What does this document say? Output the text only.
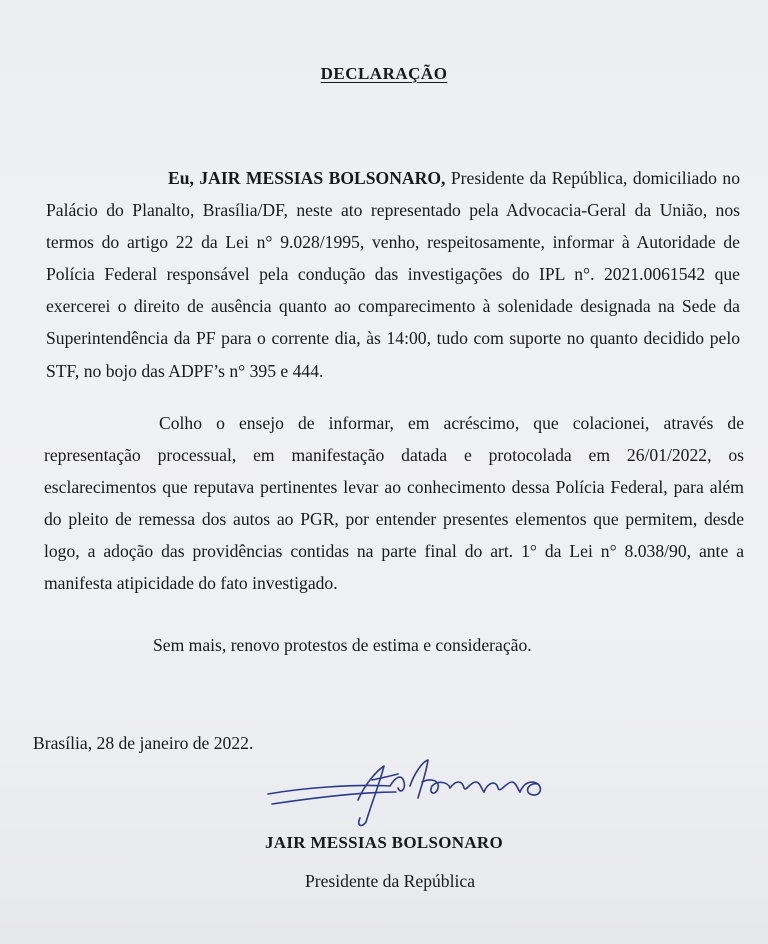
DECLARAÇÃO
Eu, JAIR MESSIAS BOLSONARO, Presidente da República, domiciliado no Palácio do Planalto, Brasília/DF, neste ato representado pela Advocacia-Geral da União, nos termos do artigo 22 da Lei n° 9.028/1995, venho, respeitosamente, informar à Autoridade de Polícia Federal responsável pela condução das investigações do IPL n°. 2021.0061542 que exercerei o direito de ausência quanto ao comparecimento à solenidade designada na Sede da Superintendência da PF para o corrente dia, às 14:00, tudo com suporte no quanto decidido pelo STF, no bojo das ADPF’s n° 395 e 444.
Colho o ensejo de informar, em acréscimo, que colacionei, através de representação processual, em manifestação datada e protocolada em 26/01/2022, os esclarecimentos que reputava pertinentes levar ao conhecimento dessa Polícia Federal, para além do pleito de remessa dos autos ao PGR, por entender presentes elementos que permitem, desde logo, a adoção das providências contidas na parte final do art. 1° da Lei n° 8.038/90, ante a manifesta atipicidade do fato investigado.
Sem mais, renovo protestos de estima e consideração.
Brasília, 28 de janeiro de 2022.
JAIR MESSIAS BOLSONARO
Presidente da República
